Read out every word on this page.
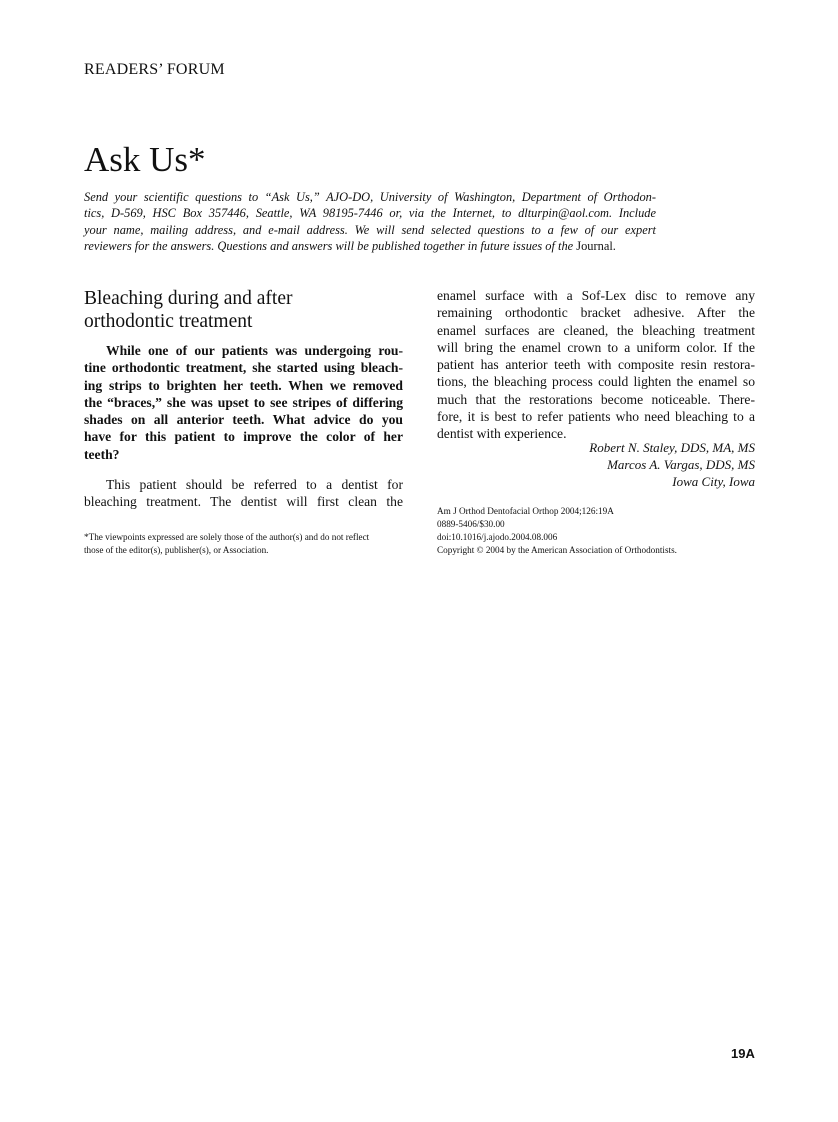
READERS’ FORUM
Ask Us*
Send your scientific questions to “Ask Us,” AJO-DO, University of Washington, Department of Orthodon-
tics, D-569, HSC Box 357446, Seattle, WA 98195-7446 or, via the Internet, to dlturpin@aol.com. Include
your name, mailing address, and e-mail address. We will send selected questions to a few of our expert
reviewers for the answers. Questions and answers will be published together in future issues of the Journal.
Bleaching during and after
orthodontic treatment
While one of our patients was undergoing rou-
tine orthodontic treatment, she started using bleach-
ing strips to brighten her teeth. When we removed
the “braces,” she was upset to see stripes of differing
shades on all anterior teeth. What advice do you
have for this patient to improve the color of her
teeth?
This patient should be referred to a dentist for
bleaching treatment. The dentist will first clean the
*The viewpoints expressed are solely those of the author(s) and do not reflect
those of the editor(s), publisher(s), or Association.
enamel surface with a Sof-Lex disc to remove any
remaining orthodontic bracket adhesive. After the
enamel surfaces are cleaned, the bleaching treatment
will bring the enamel crown to a uniform color. If the
patient has anterior teeth with composite resin restora-
tions, the bleaching process could lighten the enamel so
much that the restorations become noticeable. There-
fore, it is best to refer patients who need bleaching to a
dentist with experience.
Robert N. Staley, DDS, MA, MS
Marcos A. Vargas, DDS, MS
Iowa City, Iowa
Am J Orthod Dentofacial Orthop 2004;126:19A
0889-5406/$30.00
doi:10.1016/j.ajodo.2004.08.006
Copyright © 2004 by the American Association of Orthodontists.
19A
